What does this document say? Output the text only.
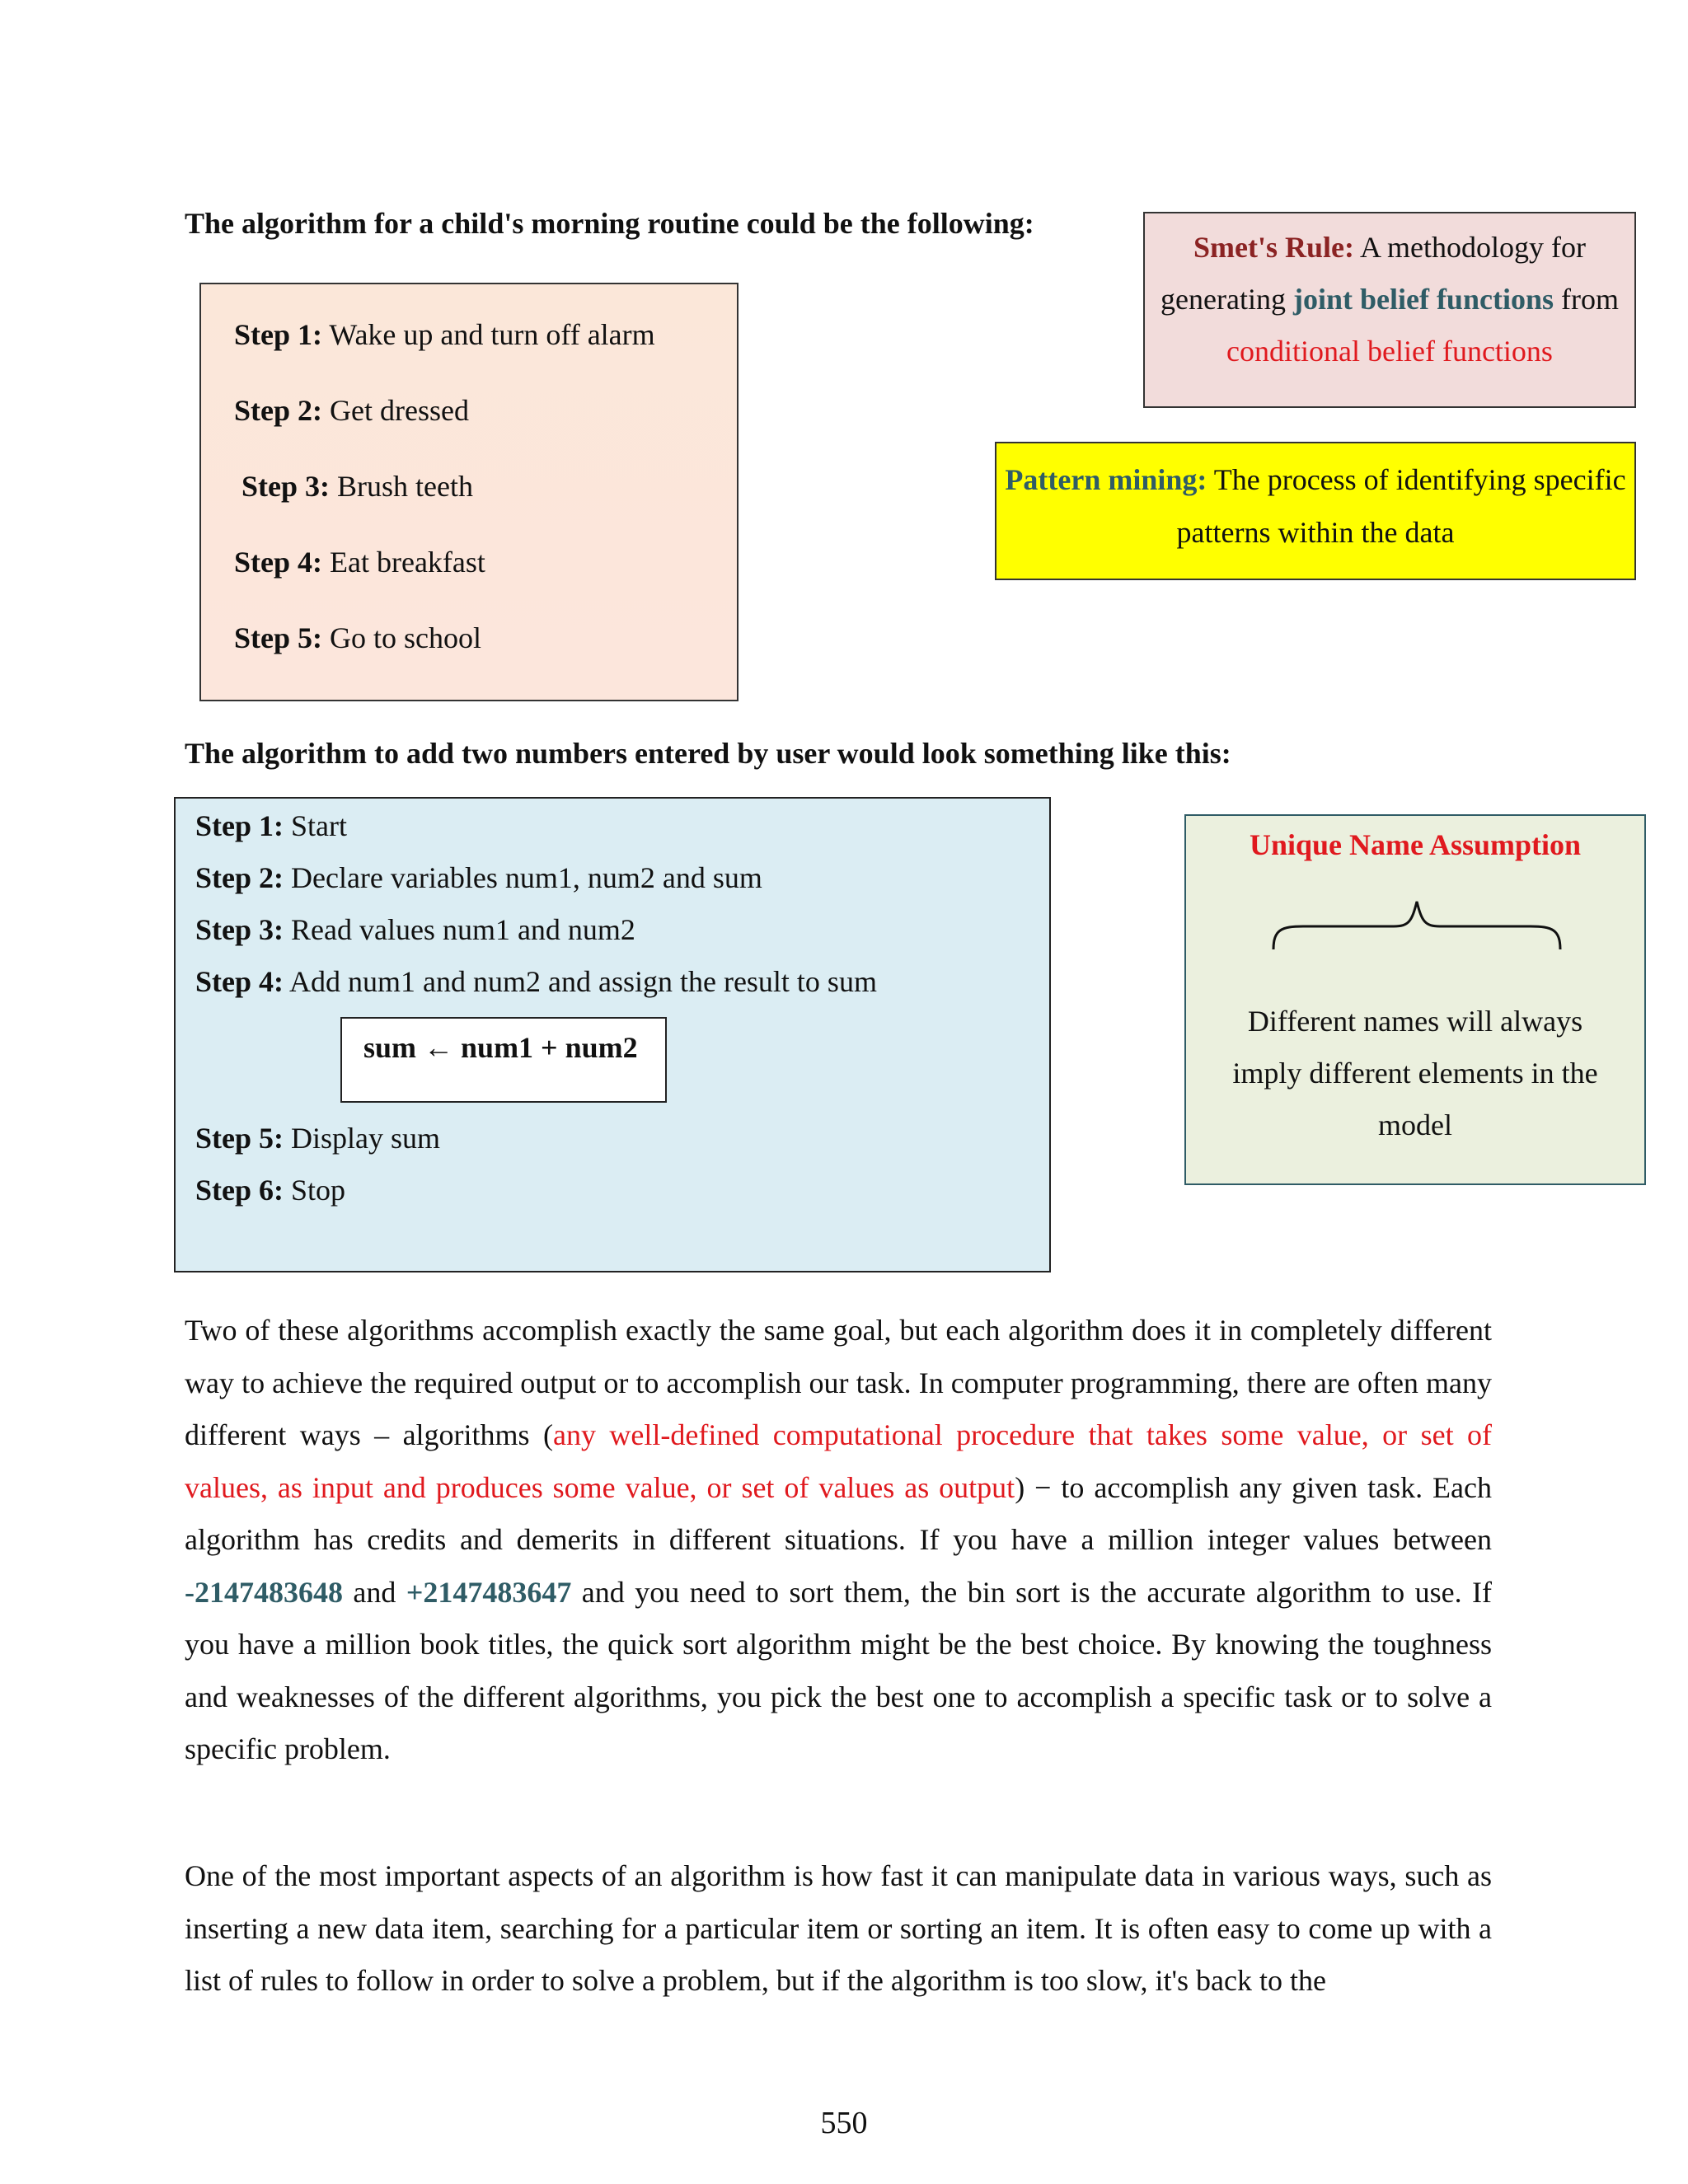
The algorithm for a child's morning routine could be the following:
Step 1: Wake up and turn off alarm
Step 2: Get dressed
Step 3: Brush teeth
Step 4: Eat breakfast
Step 5: Go to school
Smet's Rule: A methodology for generating joint belief functions from conditional belief functions
Pattern mining: The process of identifying specific patterns within the data
The algorithm to add two numbers entered by user would look something like this:
Step 1: Start
Step 2: Declare variables num1, num2 and sum
Step 3: Read values num1 and num2
Step 4: Add num1 and num2 and assign the result to sum
sum ← num1 + num2
Step 5: Display sum
Step 6: Stop
Unique Name Assumption
Different names will always imply different elements in the model
Two of these algorithms accomplish exactly the same goal, but each algorithm does it in completely different way to achieve the required output or to accomplish our task. In computer programming, there are often many different ways – algorithms (any well-defined computational procedure that takes some value, or set of values, as input and produces some value, or set of values as output) − to accomplish any given task. Each algorithm has credits and demerits in different situations. If you have a million integer values between -2147483648 and +2147483647 and you need to sort them, the bin sort is the accurate algorithm to use. If you have a million book titles, the quick sort algorithm might be the best choice. By knowing the toughness and weaknesses of the different algorithms, you pick the best one to accomplish a specific task or to solve a specific problem.
One of the most important aspects of an algorithm is how fast it can manipulate data in various ways, such as inserting a new data item, searching for a particular item or sorting an item. It is often easy to come up with a list of rules to follow in order to solve a problem, but if the algorithm is too slow, it's back to the
550
